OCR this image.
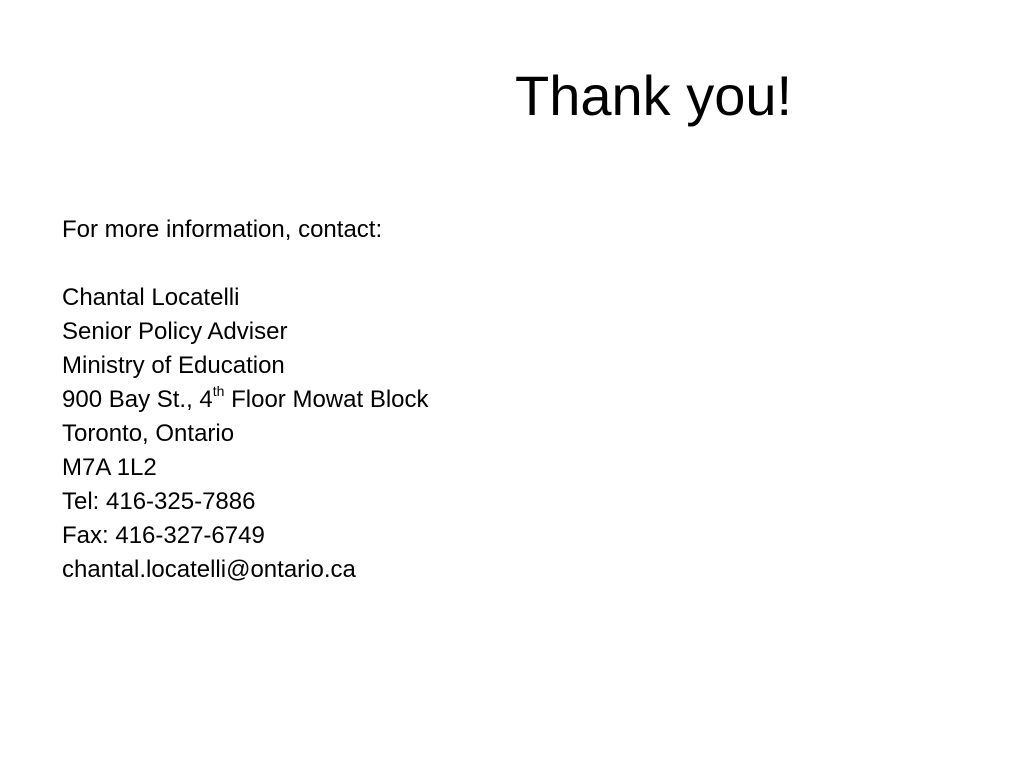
Thank you!
For more information, contact:
Chantal Locatelli
Senior Policy Adviser
Ministry of Education
900 Bay St., 4th Floor Mowat Block
Toronto, Ontario
M7A 1L2
Tel: 416-325-7886
Fax: 416-327-6749
chantal.locatelli@ontario.ca
